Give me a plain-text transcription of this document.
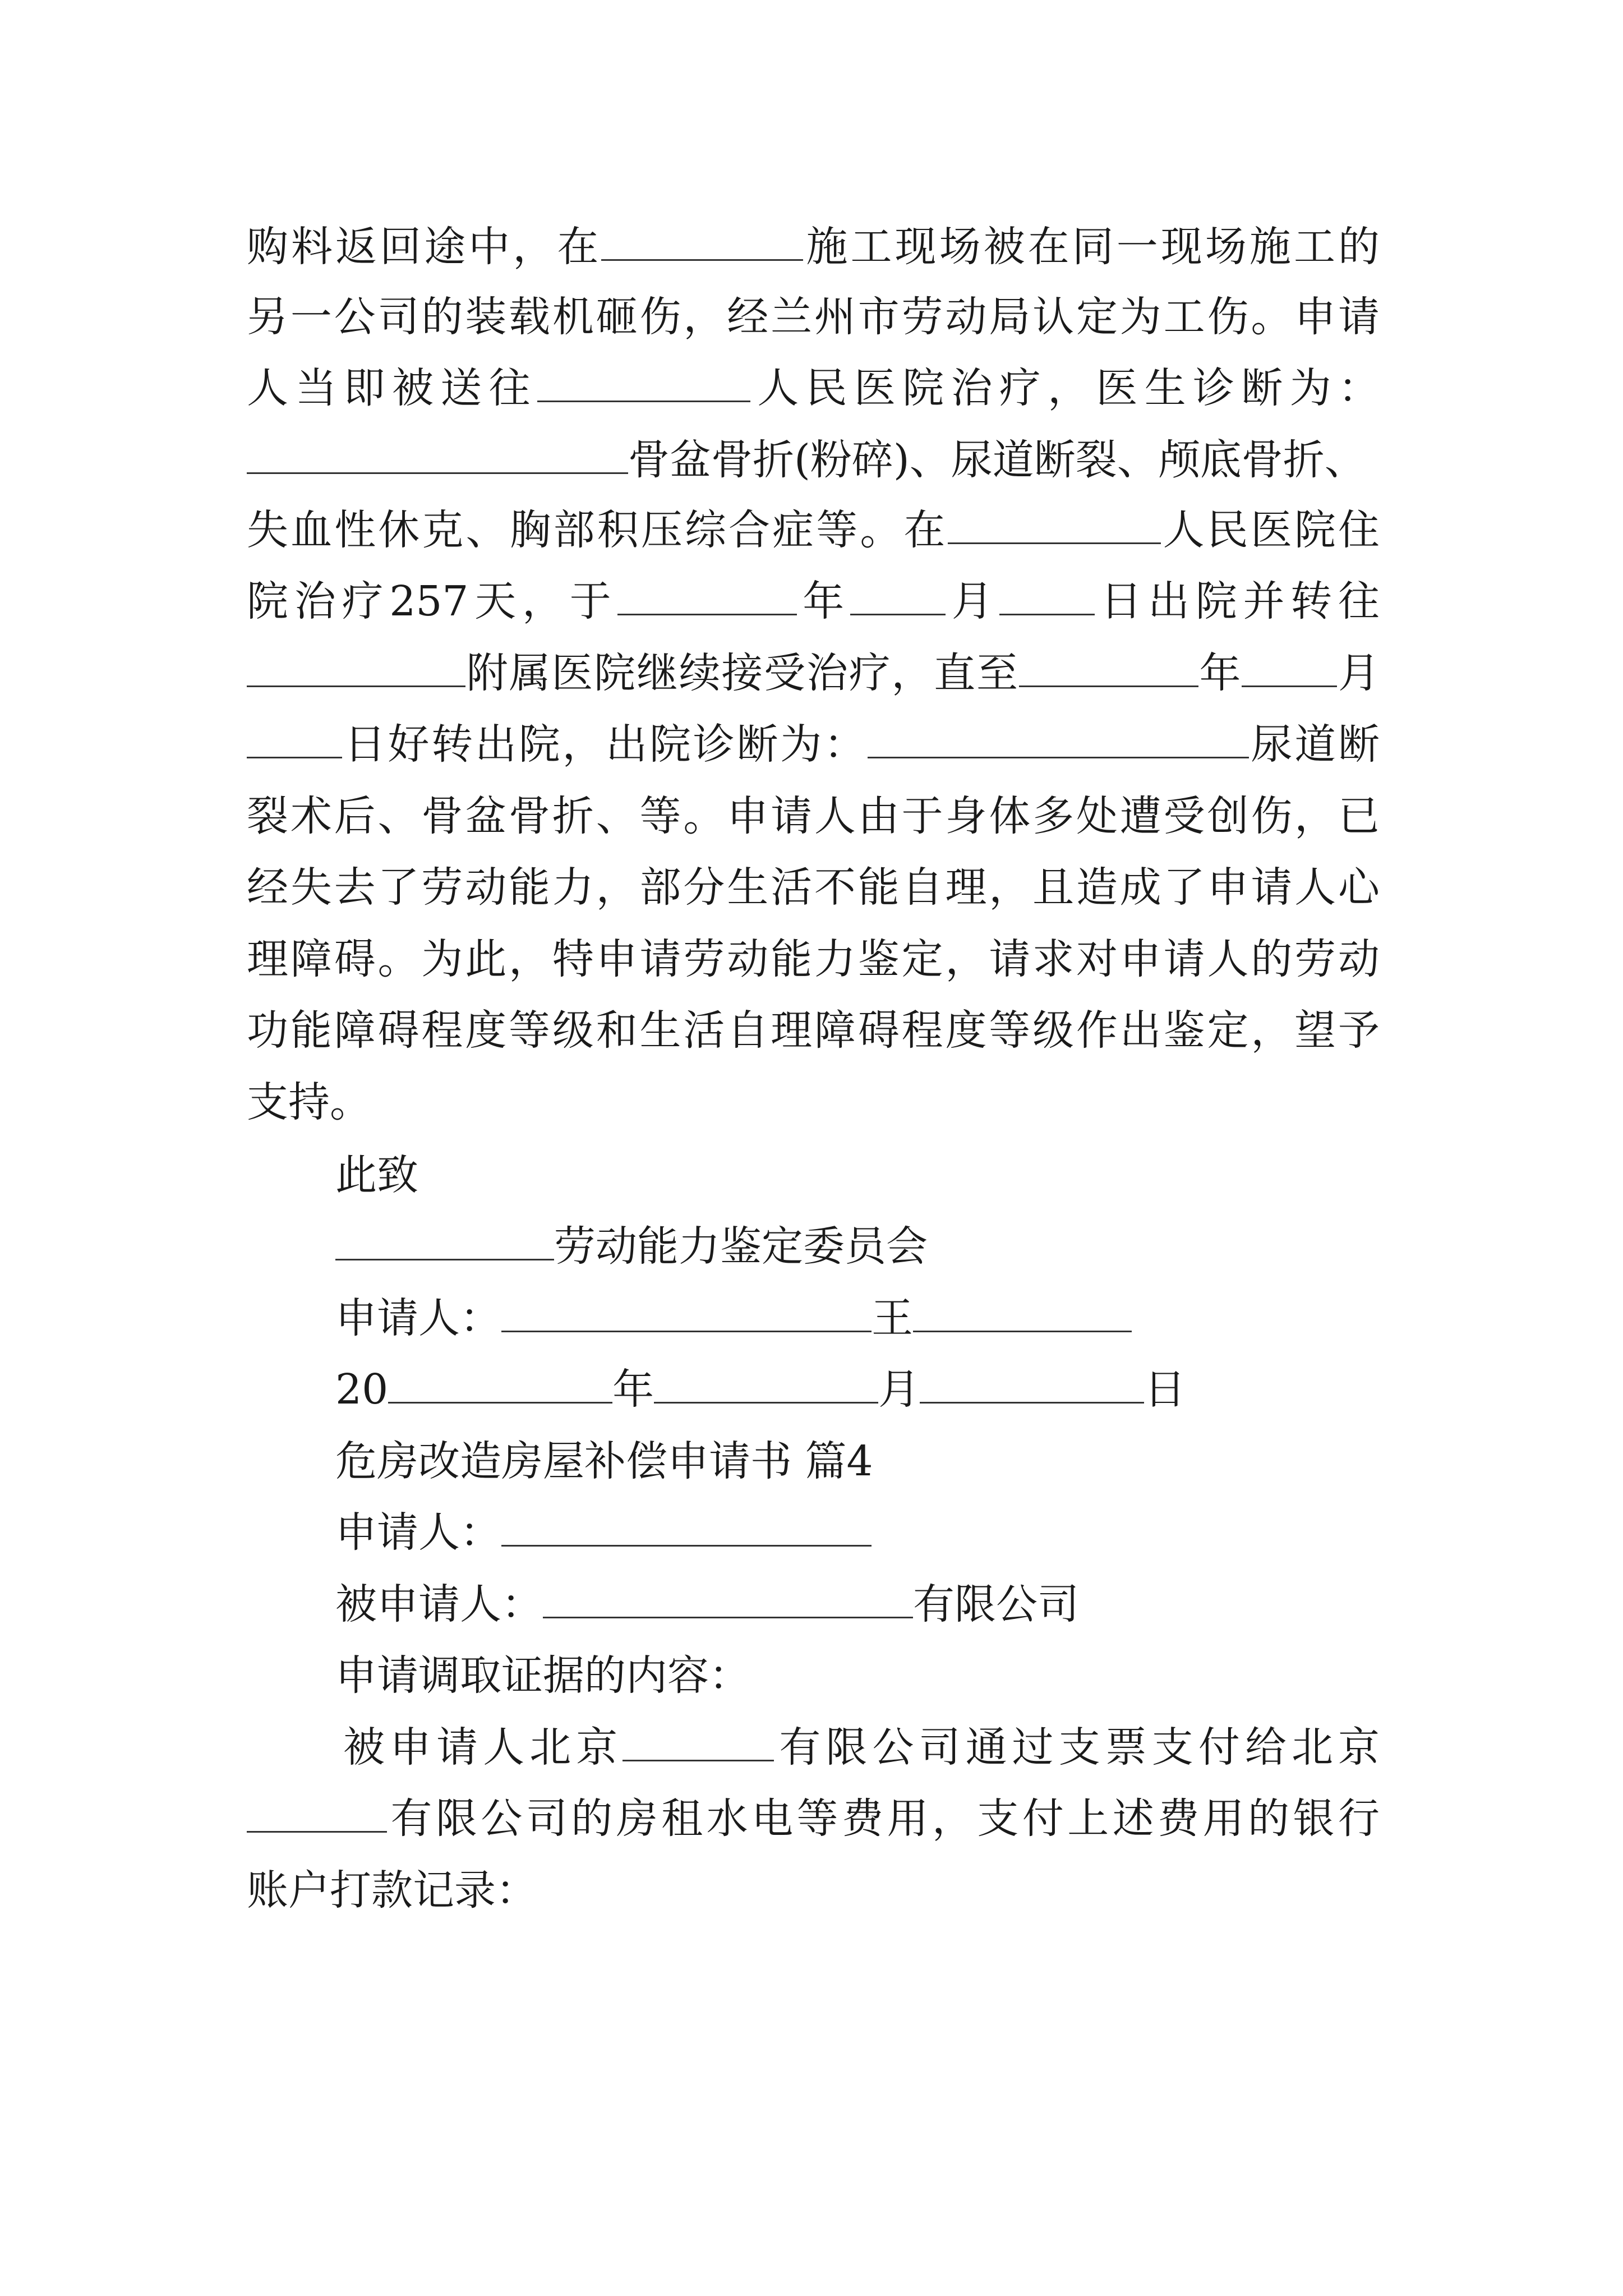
购料返回途中，在	施工现场被在同一现场施工的
另一公司的装载机砸伤，经兰州市劳动局认定为工伤。申请
人当即被送往	人民医院治疗，医生诊断为：
骨盆骨折(粉碎)、尿道断裂、颅底骨折、
失血性休克、胸部积压综合症等。在	人民医院住
院治疗257天，于	年 月 日出院并转往
附属医院继续接受治疗，直至	年 月
日好转出院，出院诊断为：	尿道断
裂术后、骨盆骨折、等。申请人由于身体多处遭受创伤，已
经失去了劳动能力，部分生活不能自理，且造成了申请人心
理障碍。为此，特申请劳动能力鉴定，请求对申请人的劳动
功能障碍程度等级和生活自理障碍程度等级作出鉴定，望予
支持。
此致
劳动能力鉴定委员会
申请人：	王
20	年	月	日
危房改造房屋补偿申请书 篇4
申请人：
被申请人：	有限公司
申请调取证据的内容：
被申请人北京	有限公司通过支票支付给北京
有限公司的房租水电等费用，支付上述费用的银行
账户打款记录：
